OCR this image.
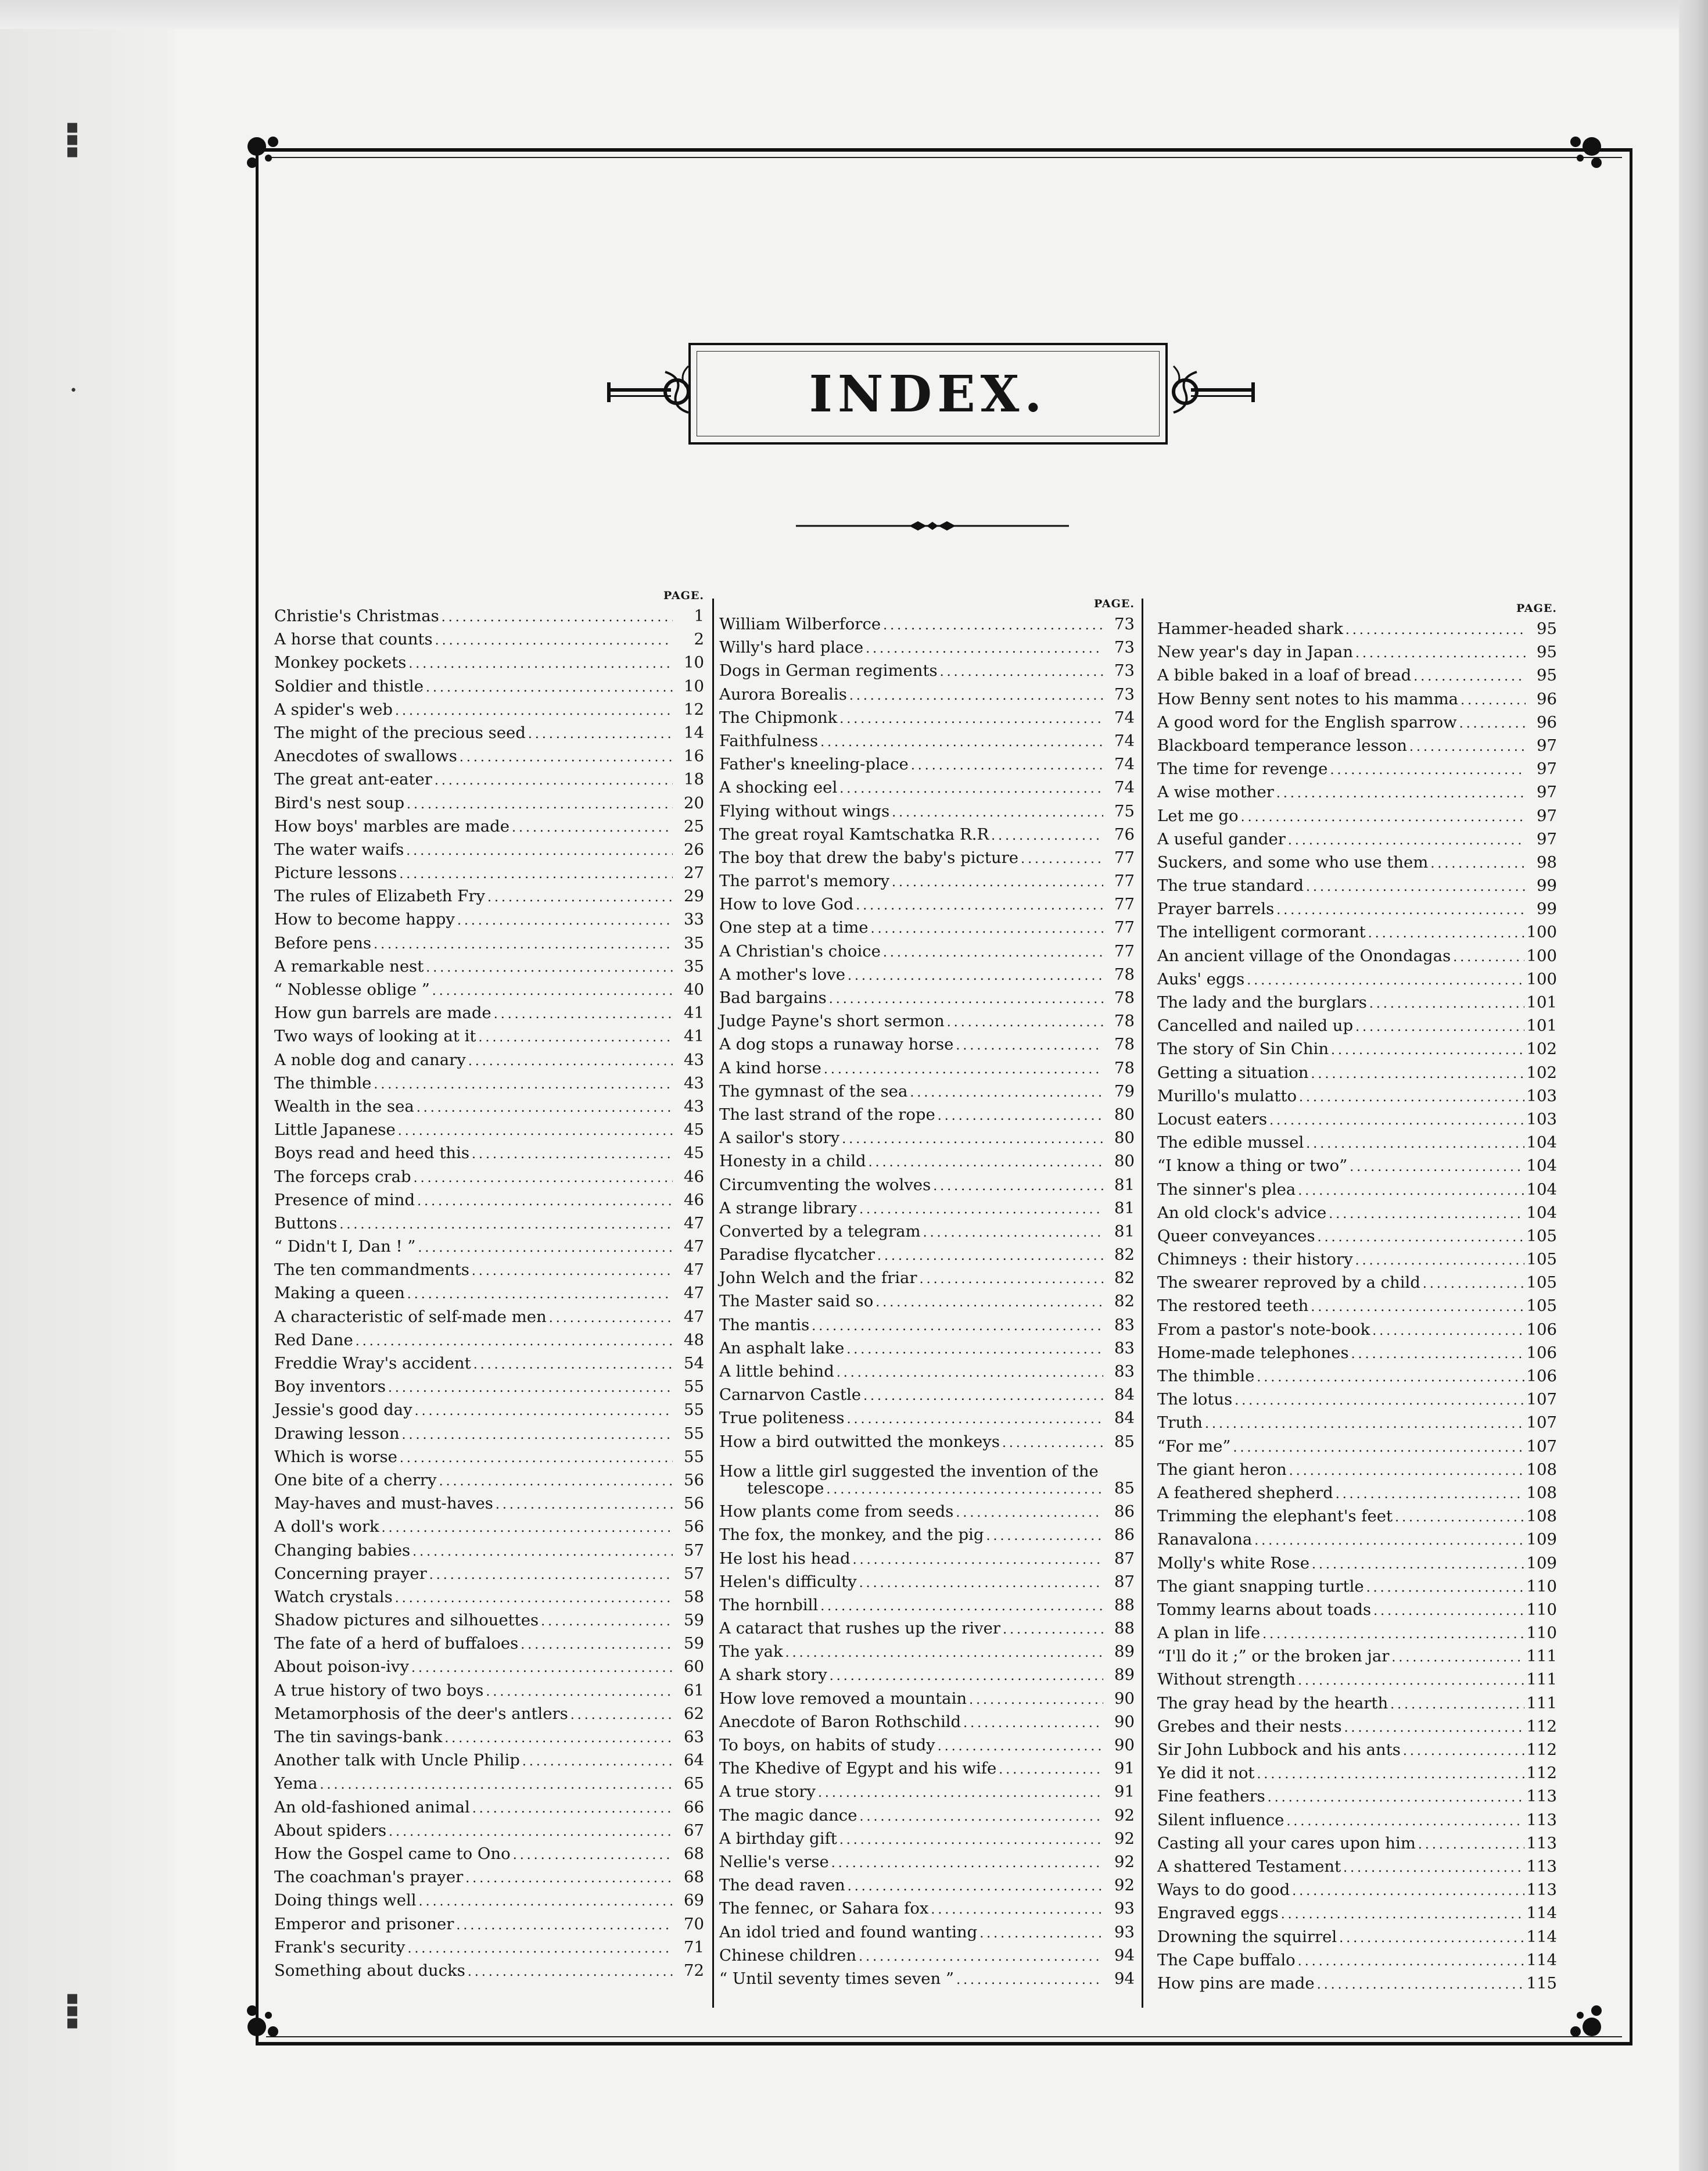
▪▪▪
•
▪▪▪
INDEX.
PAGE.
Christie's Christmas . . .	1
A horse that counts . . .	2
Monkey pockets . . .	10
Soldier and thistle . . .	10
A spider's web . . .	12
The might of the precious seed . . .	14
Anecdotes of swallows . . .	16
The great ant-eater . . .	18
Bird's nest soup . . .	20
How boys' marbles are made . . .	25
The water waifs . . .	26
Picture lessons . . .	27
The rules of Elizabeth Fry . . .	29
How to become happy . . .	33
Before pens . . .	35
A remarkable nest . . .	35
“ Noblesse oblige ” . . .	40
How gun barrels are made . . .	41
Two ways of looking at it . . .	41
A noble dog and canary . . .	43
The thimble . . .	43
Wealth in the sea . . .	43
Little Japanese . . .	45
Boys read and heed this . . .	45
The forceps crab . . .	46
Presence of mind . . .	46
Buttons . . .	47
“ Didn't I, Dan ! ” . . .	47
The ten commandments . . .	47
Making a queen . . .	47
A characteristic of self-made men . . .	47
Red Dane . . .	48
Freddie Wray's accident . . .	54
Boy inventors . . .	55
Jessie's good day . . .	55
Drawing lesson . . .	55
Which is worse . . .	55
One bite of a cherry . . .	56
May-haves and must-haves . . .	56
A doll's work . . .	56
Changing babies . . .	57
Concerning prayer . . .	57
Watch crystals . . .	58
Shadow pictures and silhouettes . . .	59
The fate of a herd of buffaloes . . .	59
About poison-ivy . . .	60
A true history of two boys . . .	61
Metamorphosis of the deer's antlers . . .	62
The tin savings-bank . . .	63
Another talk with Uncle Philip . . .	64
Yema . . .	65
An old-fashioned animal . . .	66
About spiders . . .	67
How the Gospel came to Ono . . .	68
The coachman's prayer . . .	68
Doing things well . . .	69
Emperor and prisoner . . .	70
Frank's security . . .	71
Something about ducks . . .	72
PAGE.
William Wilberforce . . .	73
Willy's hard place . . .	73
Dogs in German regiments . . .	73
Aurora Borealis . . .	73
The Chipmonk . . .	74
Faithfulness . . .	74
Father's kneeling-place . . .	74
A shocking eel . . .	74
Flying without wings . . .	75
The great royal Kamtschatka R.R . . .	76
The boy that drew the baby's picture . . .	77
The parrot's memory . . .	77
How to love God . . .	77
One step at a time . . .	77
A Christian's choice . . .	77
A mother's love . . .	78
Bad bargains . . .	78
Judge Payne's short sermon . . .	78
A dog stops a runaway horse . . .	78
A kind horse . . .	78
The gymnast of the sea . . .	79
The last strand of the rope . . .	80
A sailor's story . . .	80
Honesty in a child . . .	80
Circumventing the wolves . . .	81
A strange library . . .	81
Converted by a telegram . . .	81
Paradise flycatcher . . .	82
John Welch and the friar . . .	82
The Master said so . . .	82
The mantis . . .	83
An asphalt lake . . .	83
A little behind . . .	83
Carnarvon Castle . . .	84
True politeness . . .	84
How a bird outwitted the monkeys . . .	85
How a little girl suggested the invention of the
telescope . . .	85
How plants come from seeds . . .	86
The fox, the monkey, and the pig . . .	86
He lost his head . . .	87
Helen's difficulty . . .	87
The hornbill . . .	88
A cataract that rushes up the river . . .	88
The yak . . .	89
A shark story . . .	89
How love removed a mountain . . .	90
Anecdote of Baron Rothschild . . .	90
To boys, on habits of study . . .	90
The Khedive of Egypt and his wife . . .	91
A true story . . .	91
The magic dance . . .	92
A birthday gift . . .	92
Nellie's verse . . .	92
The dead raven . . .	92
The fennec, or Sahara fox . . .	93
An idol tried and found wanting . . .	93
Chinese children . . .	94
“ Until seventy times seven ” . . .	94
PAGE.
Hammer-headed shark . . .	95
New year's day in Japan . . .	95
A bible baked in a loaf of bread . . .	95
How Benny sent notes to his mamma . . .	96
A good word for the English sparrow . . .	96
Blackboard temperance lesson . . .	97
The time for revenge . . .	97
A wise mother . . .	97
Let me go . . .	97
A useful gander . . .	97
Suckers, and some who use them . . .	98
The true standard . . .	99
Prayer barrels . . .	99
The intelligent cormorant . . .	100
An ancient village of the Onondagas . . .	100
Auks' eggs . . .	100
The lady and the burglars . . .	101
Cancelled and nailed up . . .	101
The story of Sin Chin . . .	102
Getting a situation . . .	102
Murillo's mulatto . . .	103
Locust eaters . . .	103
The edible mussel . . .	104
“I know a thing or two” . . .	104
The sinner's plea . . .	104
An old clock's advice . . .	104
Queer conveyances . . .	105
Chimneys : their history . . .	105
The swearer reproved by a child . . .	105
The restored teeth . . .	105
From a pastor's note-book . . .	106
Home-made telephones . . .	106
The thimble . . .	106
The lotus . . .	107
Truth . . .	107
“For me” . . .	107
The giant heron . . .	108
A feathered shepherd . . .	108
Trimming the elephant's feet . . .	108
Ranavalona . . .	109
Molly's white Rose . . .	109
The giant snapping turtle . . .	110
Tommy learns about toads . . .	110
A plan in life . . .	110
“I'll do it ;” or the broken jar . . .	111
Without strength . . .	111
The gray head by the hearth . . .	111
Grebes and their nests . . .	112
Sir John Lubbock and his ants . . .	112
Ye did it not . . .	112
Fine feathers . . .	113
Silent influence . . .	113
Casting all your cares upon him . . .	113
A shattered Testament . . .	113
Ways to do good . . .	113
Engraved eggs . . .	114
Drowning the squirrel . . .	114
The Cape buffalo . . .	114
How pins are made . . .	115
